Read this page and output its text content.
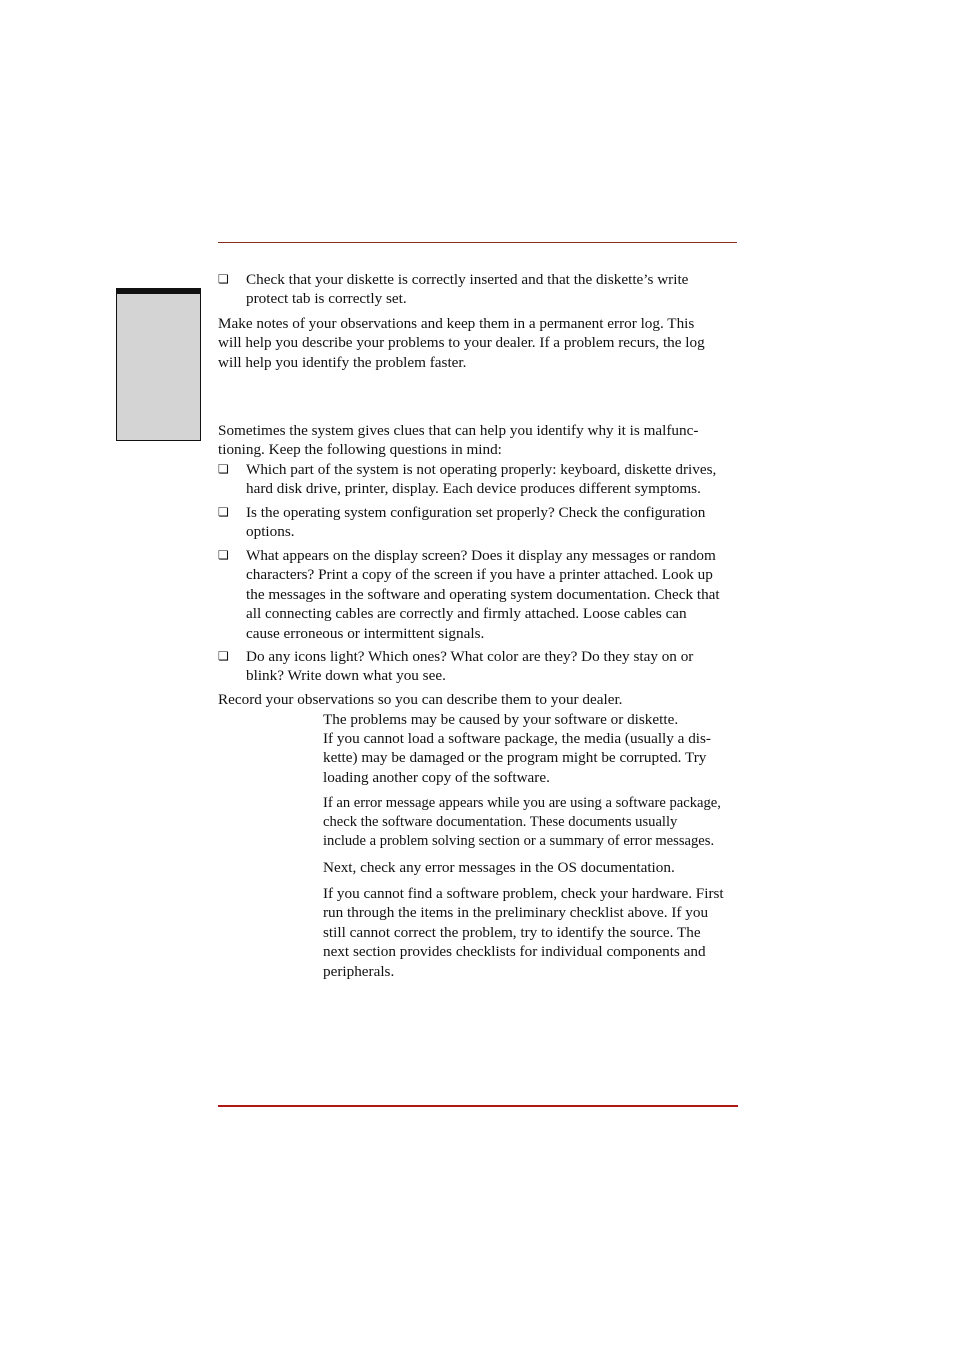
❏ Check that your diskette is correctly inserted and that the diskette’s write
protect tab is correctly set.
Make notes of your observations and keep them in a permanent error log. This
will help you describe your problems to your dealer. If a problem recurs, the log
will help you identify the problem faster.
Sometimes the system gives clues that can help you identify why it is malfunc-
tioning. Keep the following questions in mind:
❏ Which part of the system is not operating properly: keyboard, diskette drives,
hard disk drive, printer, display. Each device produces different symptoms.
❏ Is the operating system configuration set properly? Check the configuration
options.
❏ What appears on the display screen? Does it display any messages or random
characters? Print a copy of the screen if you have a printer attached. Look up
the messages in the software and operating system documentation. Check that
all connecting cables are correctly and firmly attached. Loose cables can
cause erroneous or intermittent signals.
❏ Do any icons light? Which ones? What color are they? Do they stay on or
blink? Write down what you see.
Record your observations so you can describe them to your dealer.
The problems may be caused by your software or diskette.
If you cannot load a software package, the media (usually a dis-
kette) may be damaged or the program might be corrupted. Try
loading another copy of the software.
If an error message appears while you are using a software package,
check the software documentation. These documents usually
include a problem solving section or a summary of error messages.
Next, check any error messages in the OS documentation.
If you cannot find a software problem, check your hardware. First
run through the items in the preliminary checklist above. If you
still cannot correct the problem, try to identify the source. The
next section provides checklists for individual components and
peripherals.
